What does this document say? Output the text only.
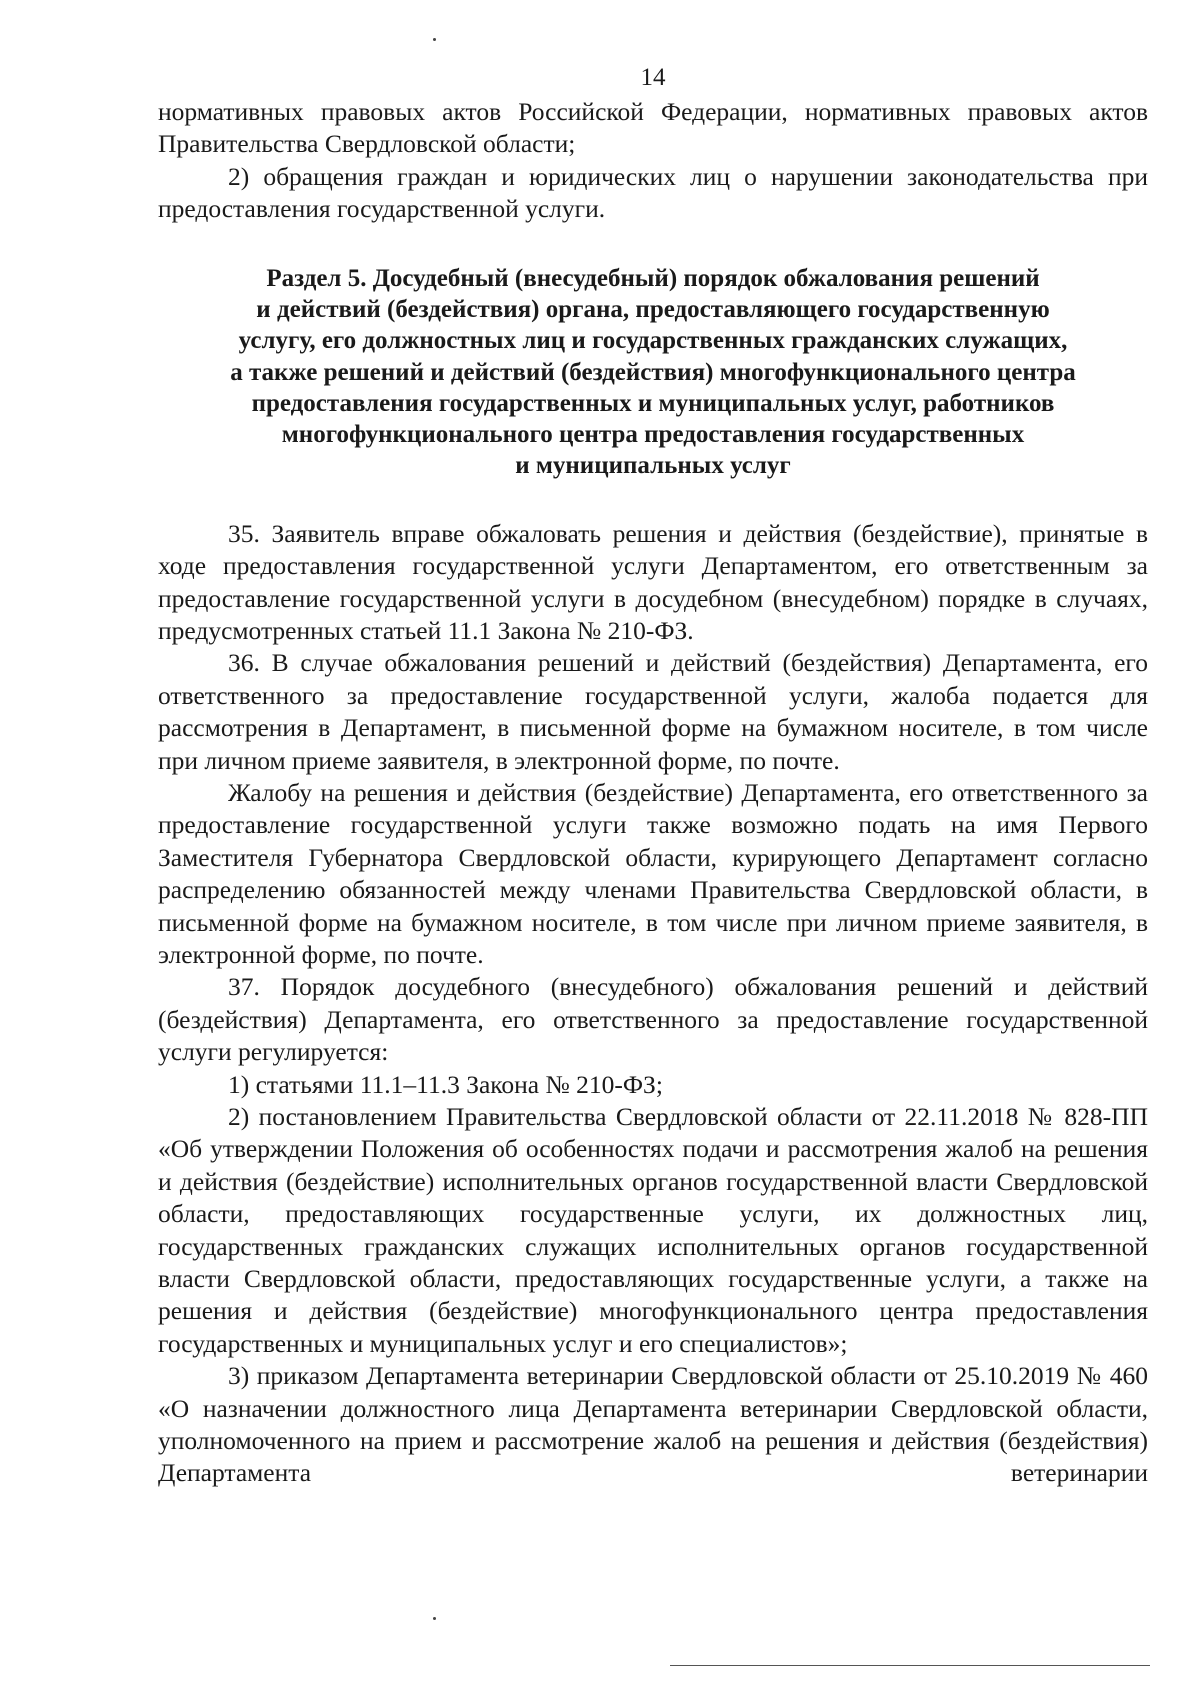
14

нормативных правовых актов Российской Федерации, нормативных правовых актов Правительства Свердловской области;

2) обращения граждан и юридических лиц о нарушении законодательства при предоставления государственной услуги.

Раздел 5. Досудебный (внесудебный) порядок обжалования решений
и действий (бездействия) органа, предоставляющего государственную
услугу, его должностных лиц и государственных гражданских служащих,
а также решений и действий (бездействия) многофункционального центра
предоставления государственных и муниципальных услуг, работников
многофункционального центра предоставления государственных
и муниципальных услуг

35. Заявитель вправе обжаловать решения и действия (бездействие), принятые в ходе предоставления государственной услуги Департаментом, его ответственным за предоставление государственной услуги в досудебном (внесудебном) порядке в случаях, предусмотренных статьей 11.1 Закона № 210-ФЗ.

36. В случае обжалования решений и действий (бездействия) Департамента, его ответственного за предоставление государственной услуги, жалоба подается для рассмотрения в Департамент, в письменной форме на бумажном носителе, в том числе при личном приеме заявителя, в электронной форме, по почте.

Жалобу на решения и действия (бездействие) Департамента, его ответственного за предоставление государственной услуги также возможно подать на имя Первого Заместителя Губернатора Свердловской области, курирующего Департамент согласно распределению обязанностей между членами Правительства Свердловской области, в письменной форме на бумажном носителе, в том числе при личном приеме заявителя, в электронной форме, по почте.

37. Порядок досудебного (внесудебного) обжалования решений и действий (бездействия) Департамента, его ответственного за предоставление государственной услуги регулируется:

1) статьями 11.1–11.3 Закона № 210-ФЗ;

2) постановлением Правительства Свердловской области от 22.11.2018 № 828-ПП «Об утверждении Положения об особенностях подачи и рассмотрения жалоб на решения и действия (бездействие) исполнительных органов государственной власти Свердловской области, предоставляющих государственные услуги, их должностных лиц, государственных гражданских служащих исполнительных органов государственной власти Свердловской области, предоставляющих государственные услуги, а также на решения и действия (бездействие) многофункционального центра предоставления государственных и муниципальных услуг и его специалистов»;

3) приказом Департамента ветеринарии Свердловской области от 25.10.2019 № 460 «О назначении должностного лица Департамента ветеринарии Свердловской области, уполномоченного на прием и рассмотрение жалоб на решения и действия (бездействия) Департамента ветеринарии
